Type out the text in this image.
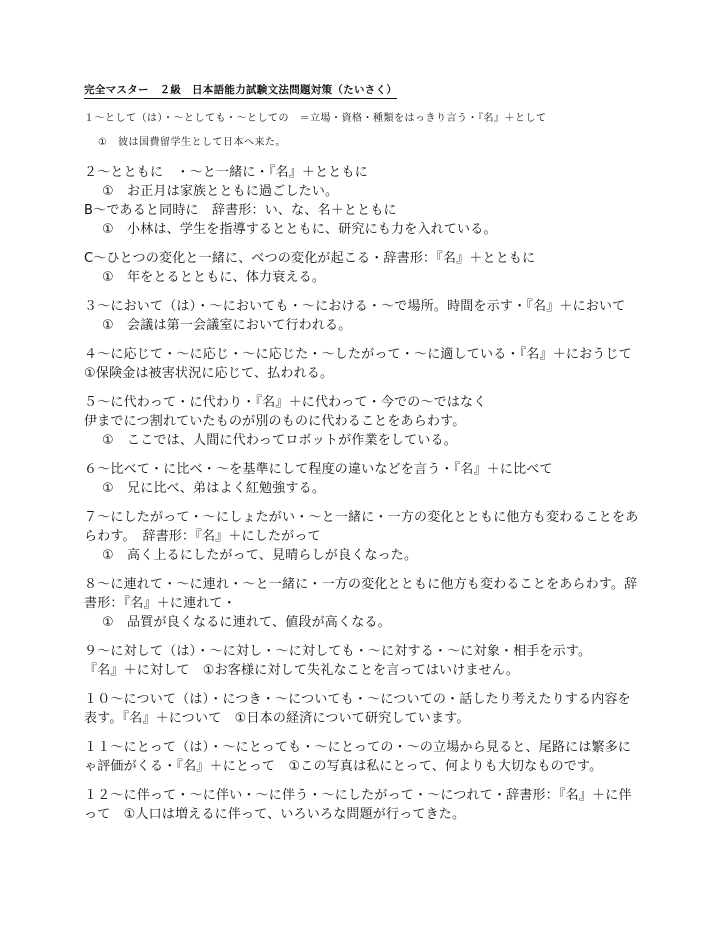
完全マスター　２級　日本語能力試験文法問題対策（たいさく）
１～として（は）・～としても・～としての　＝立場・資格・種類をはっきり言う・『名』＋として
①　彼は国費留学生として日本へ来た。
２～とともに　・～と一緒に・『名』＋とともに
①　お正月は家族とともに過ごしたい。
B～であると同時に　辞書形：い、な、名＋とともに
①　小林は、学生を指導するとともに、研究にも力を入れている。
C～ひとつの変化と一緒に、べつの変化が起こる・辞書形：『名』＋とともに
①　年をとるとともに、体力衰える。
３～において（は）・～においても・～における・～で場所。時間を示す・『名』＋において
①　会議は第一会議室において行われる。
４～に応じて・～に応じ・～に応じた・～したがって・～に適している・『名』＋におうじて
①保険金は被害状況に応じて、払われる。
５～に代わって・に代わり・『名』＋に代わって・今での～ではなく
伊までにつ割れていたものが別のものに代わることをあらわす。
①　ここでは、人間に代わってロボットが作業をしている。
６～比べて・に比べ・～を基準にして程度の違いなどを言う・『名』＋に比べて
①　兄に比べ、弟はよく紅勉強する。
７～にしたがって・～にしょたがい・～と一緒に・一方の変化とともに他方も変わることをあ
らわす。　辞書形：『名』＋にしたがって
①　高く上るにしたがって、見晴らしが良くなった。
８～に連れて・～に連れ・～と一緒に・一方の変化とともに他方も変わることをあらわす。辞
書形：『名』＋に連れて・
①　品質が良くなるに連れて、値段が高くなる。
９～に対して（は）・～に対し・～に対しても・～に対する・～に対象・相手を示す。
『名』＋に対して　①お客様に対して失礼なことを言ってはいけません。
１０～について（は）・につき・～についても・～についての・話したり考えたりする内容を
表す。『名』＋について　①日本の経済について研究しています。
１１～にとって（は）・～にとっても・～にとっての・～の立場から見ると、尾路には繁多に
ゃ評価がくる・『名』＋にとって　①この写真は私にとって、何よりも大切なものです。
１２～に伴って・～に伴い・～に伴う・～にしたがって・～につれて・辞書形：『名』＋に伴
って　①人口は増えるに伴って、いろいろな問題が行ってきた。
